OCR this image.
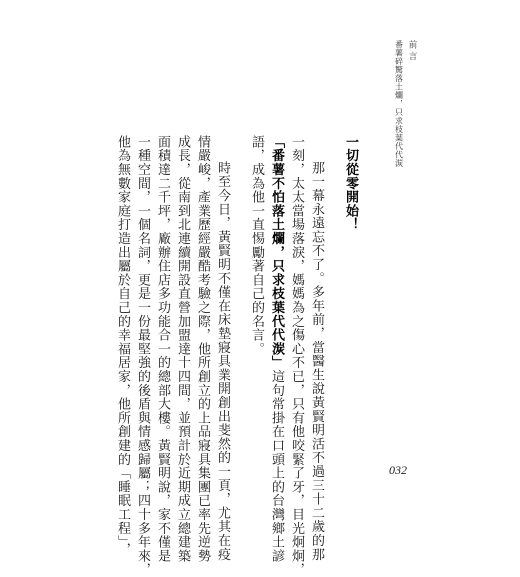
前言
番薯碎驚落土爛，只求枝葉代代湠
一切從零開始！
那一幕永遠忘不了。多年前，當醫生說黃賢明活不過三十二歲的那
一刻，太太當場落淚，媽媽為之傷心不已，只有他咬緊了牙，目光炯炯，
「番薯不怕落土爛，只求枝葉代代湠」這句常掛在口頭上的台灣鄉土諺
語，成為他一直惕勵著自己的名言。
時至今日，黃賢明不僅在床墊寢具業開創出斐然的一頁，尤其在疫
情嚴峻，產業歷經嚴酷考驗之際，他所創立的上品寢具集團已率先逆勢
成長，從南到北連續開設直營加盟達十四間，並預計於近期成立總建築
面積達二千坪，廠辦住店多功能合一的總部大樓。黃賢明說，家不僅是
一種空間，一個名詞，更是一份最堅強的後盾與情感歸屬；四十多年來，
他為無數家庭打造出屬於自己的幸福居家，他所創建的「睡眠工程」，	032
